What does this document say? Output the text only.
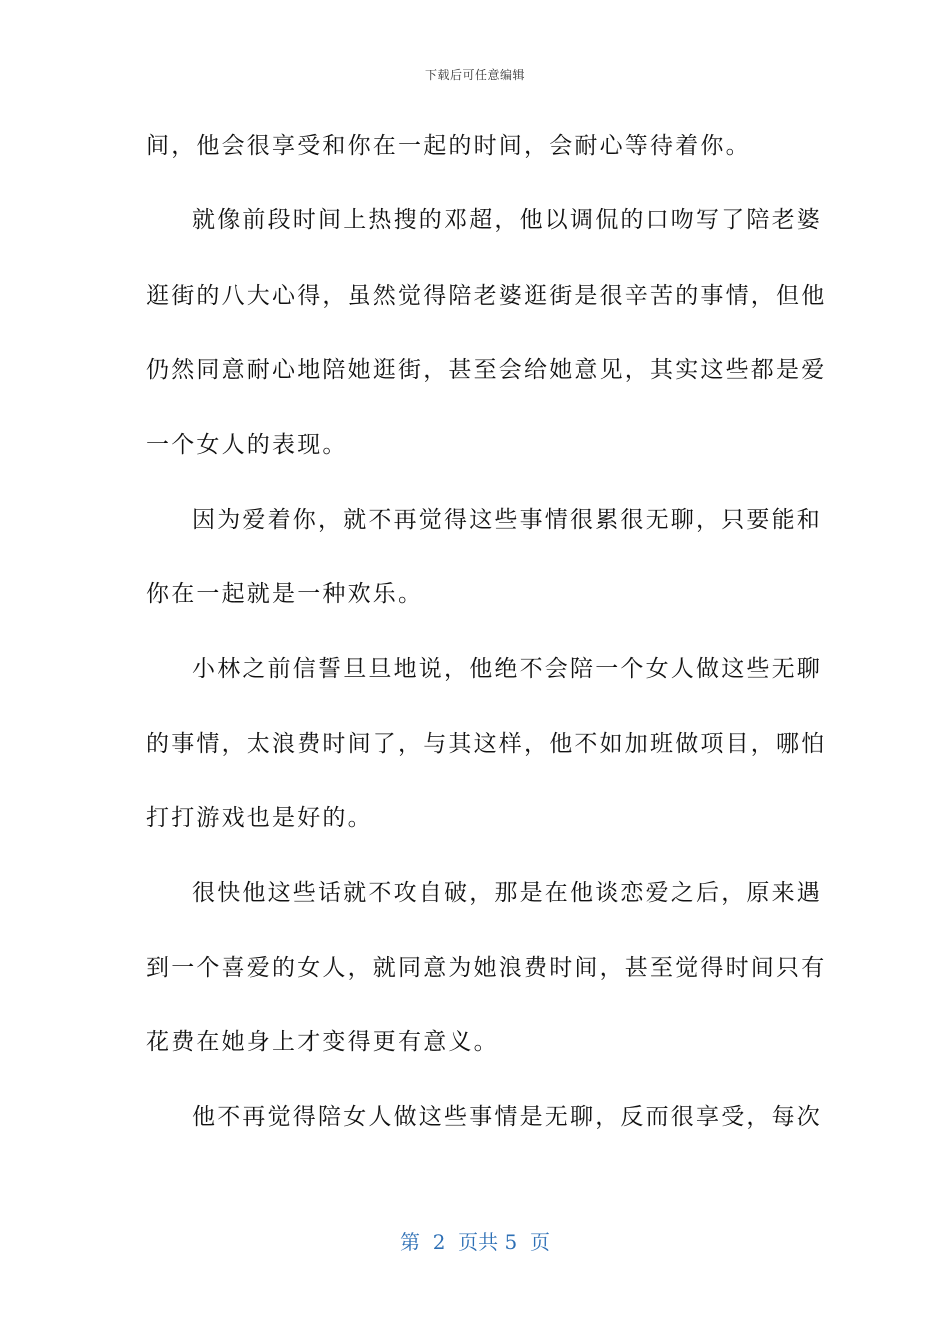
下载后可任意编辑
间，他会很享受和你在一起的时间，会耐心等待着你。
就像前段时间上热搜的邓超，他以调侃的口吻写了陪老婆
逛街的八大心得，虽然觉得陪老婆逛街是很辛苦的事情，但他
仍然同意耐心地陪她逛街，甚至会给她意见，其实这些都是爱
一个女人的表现。
因为爱着你，就不再觉得这些事情很累很无聊，只要能和
你在一起就是一种欢乐。
小林之前信誓旦旦地说，他绝不会陪一个女人做这些无聊
的事情，太浪费时间了，与其这样，他不如加班做项目，哪怕
打打游戏也是好的。
很快他这些话就不攻自破，那是在他谈恋爱之后，原来遇
到一个喜爱的女人，就同意为她浪费时间，甚至觉得时间只有
花费在她身上才变得更有意义。
他不再觉得陪女人做这些事情是无聊，反而很享受，每次
第  2  页共 5  页
